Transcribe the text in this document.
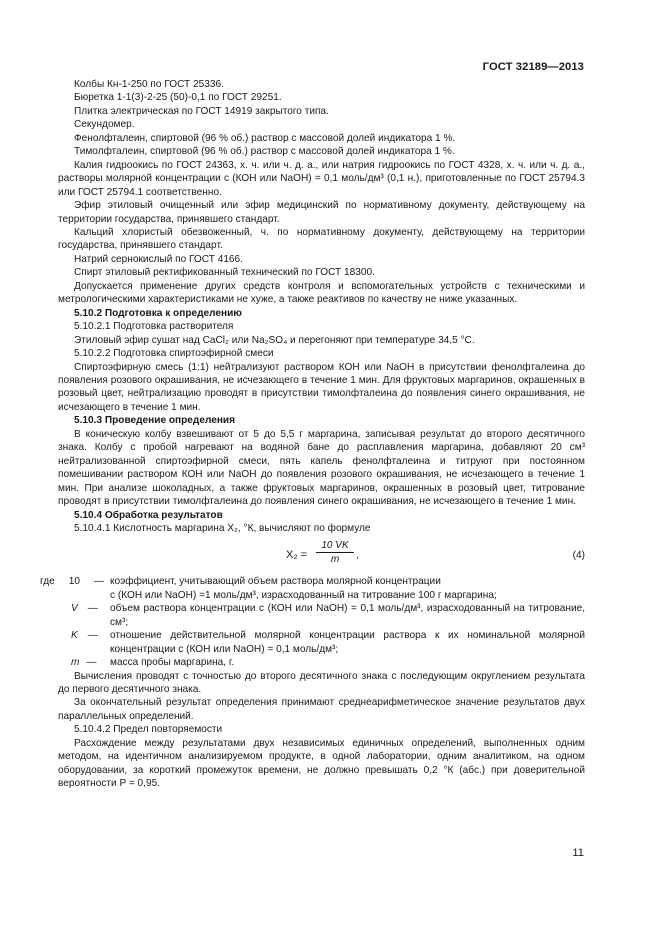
ГОСТ 32189—2013

Колбы Кн-1-250 по ГОСТ 25336.

Бюретка 1-1(3)-2-25 (50)-0,1 по ГОСТ 29251.

Плитка электрическая по ГОСТ 14919 закрытого типа.

Секундомер.

Фенолфталеин, спиртовой (96 % об.) раствор с массовой долей индикатора 1 %.

Тимолфталеин, спиртовой (96 % об.) раствор с массовой долей индикатора 1 %.

Калия гидроокись по ГОСТ 24363, х. ч. или ч. д. а., или натрия гидроокись по ГОСТ 4328, х. ч. или ч. д. а., растворы молярной концентрации с (КОН или NaOH) = 0,1 моль/дм³ (0,1 н.), приготовленные по ГОСТ 25794.3 или ГОСТ 25794.1 соответственно.

Эфир этиловый очищенный или эфир медицинский по нормативному документу, действующему на территории государства, принявшего стандарт.

Кальций хлористый обезвоженный, ч. по нормативному документу, действующему на территории государства, принявшего стандарт.

Натрий сернокислый по ГОСТ 4166.

Спирт этиловый ректификованный технический по ГОСТ 18300.

Допускается применение других средств контроля и вспомогательных устройств с техническими и метрологическими характеристиками не хуже, а также реактивов по качеству не ниже указанных.

5.10.2 Подготовка к определению

5.10.2.1 Подготовка растворителя

Этиловый эфир сушат над CaCl₂ или Na₂SO₄ и перегоняют при температуре 34,5 °С.

5.10.2.2 Подготовка спиртоэфирной смеси

Спиртоэфирную смесь (1:1) нейтрализуют раствором КОН или NaOH в присутствии фенолфталеина до появления розового окрашивания, не исчезающего в течение 1 мин. Для фруктовых маргаринов, окрашенных в розовый цвет, нейтрализацию проводят в присутствии тимолфталеина до появления синего окрашивания, не исчезающего в течение 1 мин.

5.10.3 Проведение определения

В коническую колбу взвешивают от 5 до 5,5 г маргарина, записывая результат до второго десятичного знака. Колбу с пробой нагревают на водяной бане до расплавления маргарина, добавляют 20 см³ нейтрализованной спиртоэфирной смеси, пять капель фенолфталеина и титруют при постоянном помешивании раствором КОН или NaOH до появления розового окрашивания, не исчезающего в течение 1 мин. При анализе шоколадных, а также фруктовых маргаринов, окрашенных в розовый цвет, титрование проводят в присутствии тимолфталеина до появления синего окрашивания, не исчезающего в течение 1 мин.

5.10.4 Обработка результатов

5.10.4.1 Кислотность маргарина X₂, °К, вычисляют по формуле

$X_2 = \frac{10 VK}{m}$ ,	(4)
где 10 — коэффициент, учитывающий объем раствора молярной концентрации
с (КОН или NaOH) =1 моль/дм³, израсходованный на титрование 100 г маргарина;
V — объем раствора концентрации с (КОН или NaOH) = 0,1 моль/дм³, израсходованный на титрование, см³;
K — отношение действительной молярной концентрации раствора к их номинальной молярной концентрации с (КОН или NaOH) = 0,1 моль/дм³;
m — масса пробы маргарина, г.

Вычисления проводят с точностью до второго десятичного знака с последующим округлением результата до первого десятичного знака.

За окончательный результат определения принимают среднеарифметическое значение результатов двух параллельных определений.

5.10.4.2 Предел повторяемости

Расхождение между результатами двух независимых единичных определений, выполненных одним методом, на идентичном анализируемом продукте, в одной лаборатории, одним аналитиком, на одном оборудовании, за короткий промежуток времени, не должно превышать 0,2 °К (абс.) при доверительной вероятности P = 0,95.

11
